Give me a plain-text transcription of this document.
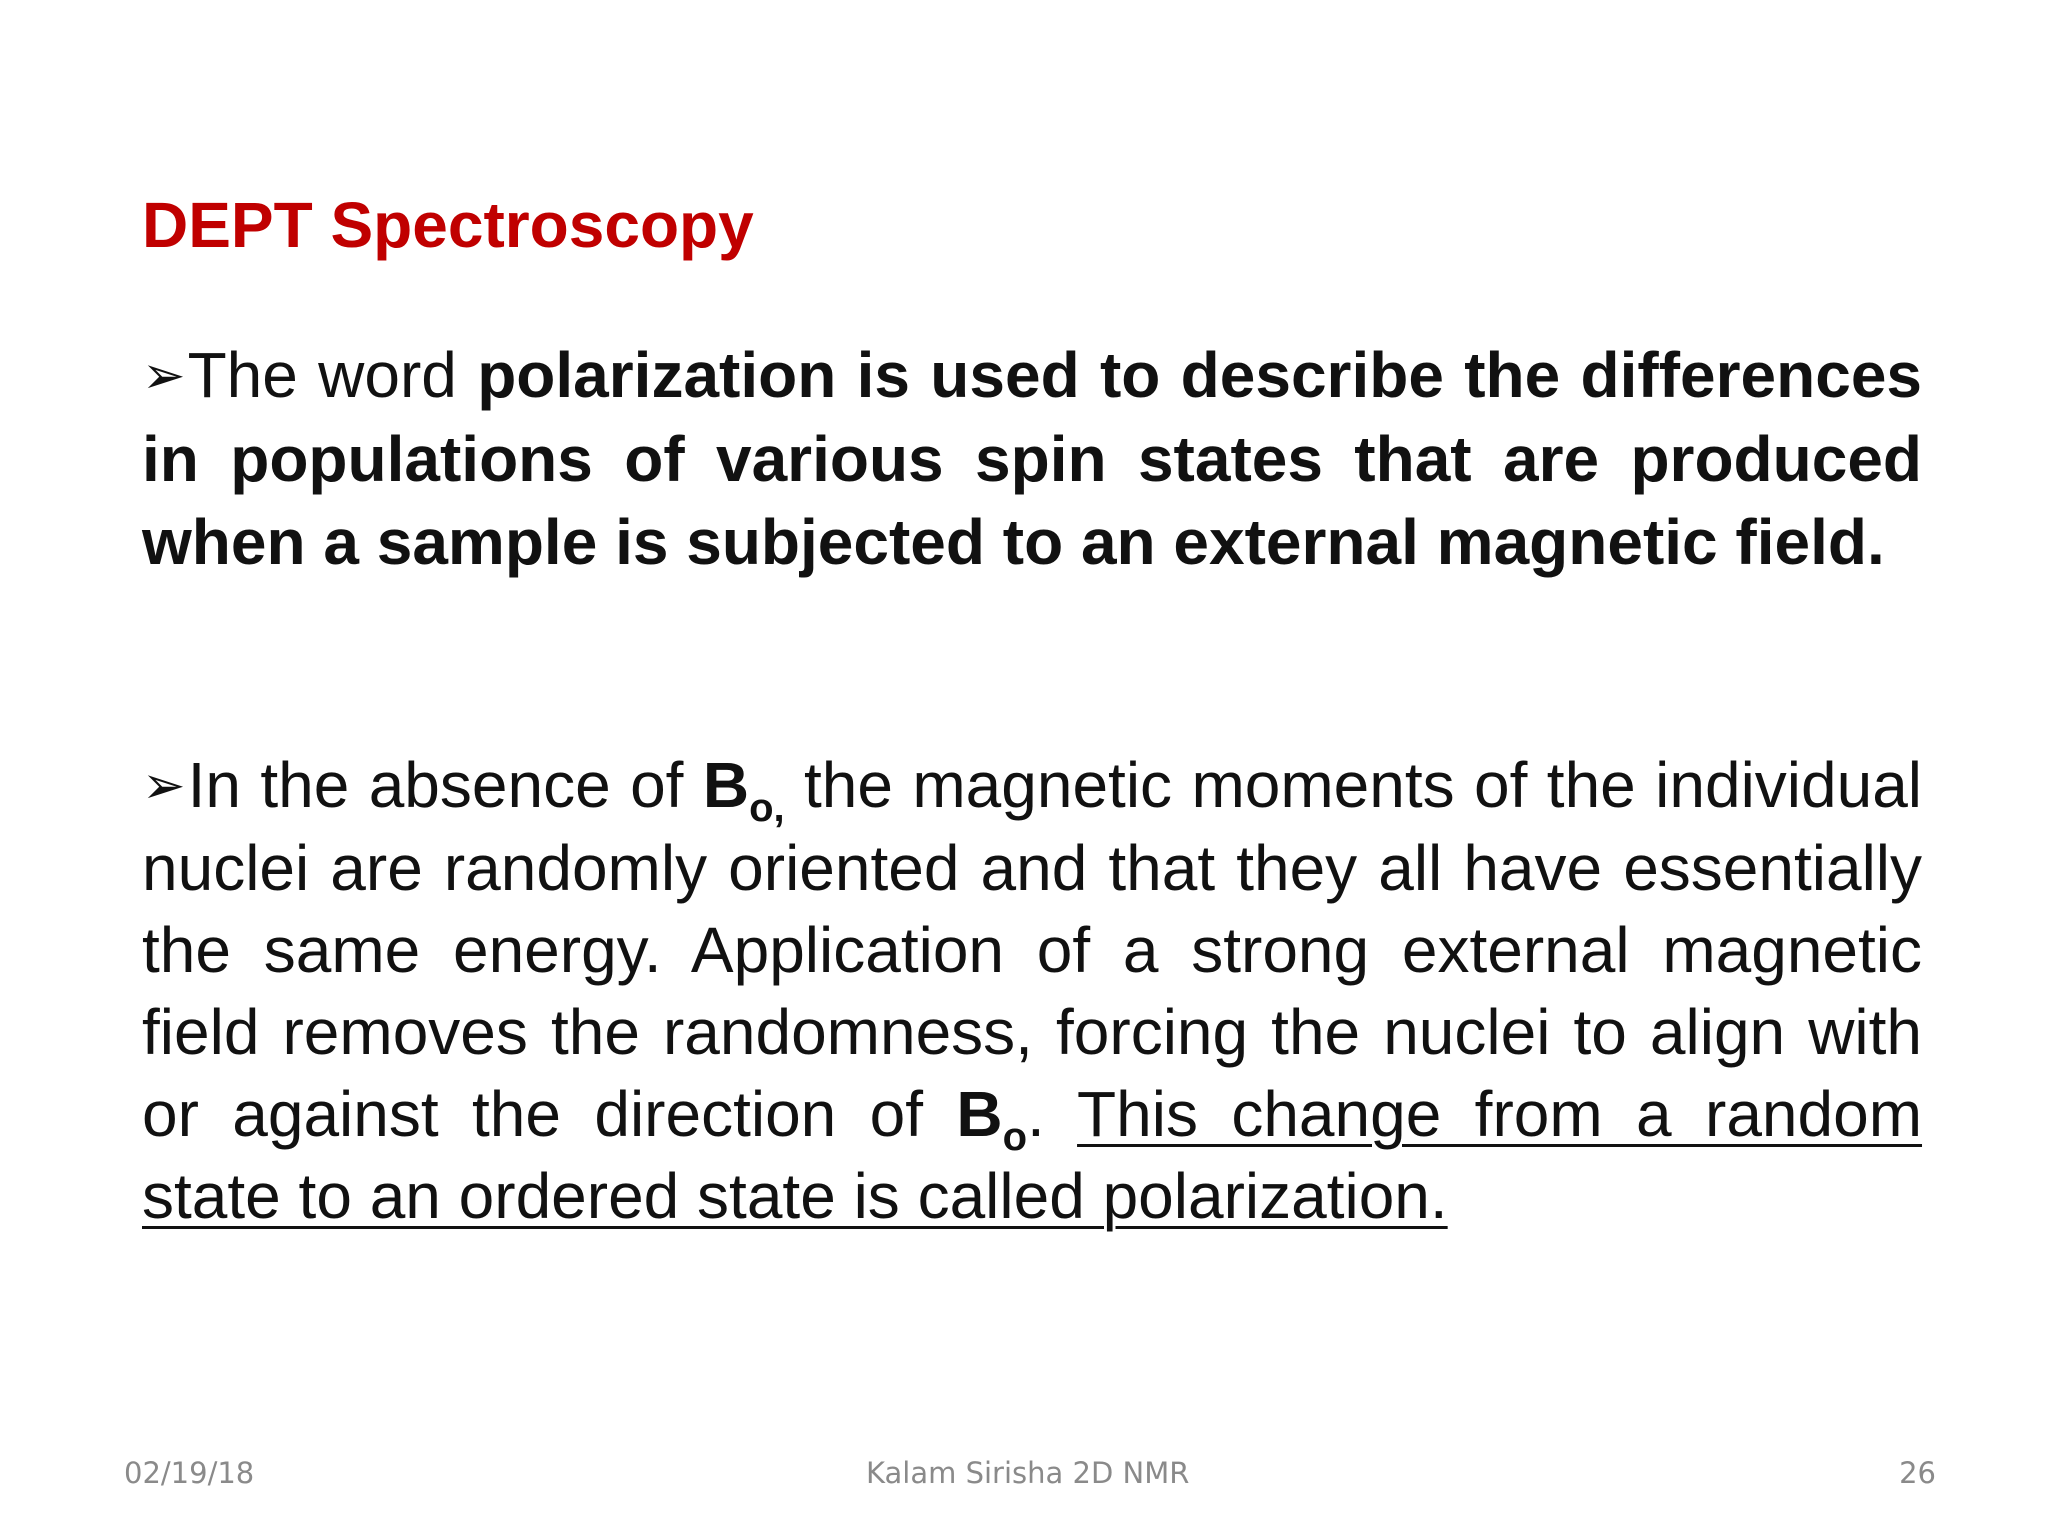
DEPT Spectroscopy
➢The word polarization is used to describe the differences in populations of various spin states that are produced when a sample is subjected to an external magnetic field.
➢In the absence of $B_{o,}$ the magnetic moments of the individual nuclei are randomly oriented and that they all have essentially the same energy. Application of a strong external magnetic field removes the randomness, forcing the nuclei to align with or against the direction of $B_o$. This change from a random state to an ordered state is called polarization.
02/19/18	Kalam Sirisha 2D NMR	26
